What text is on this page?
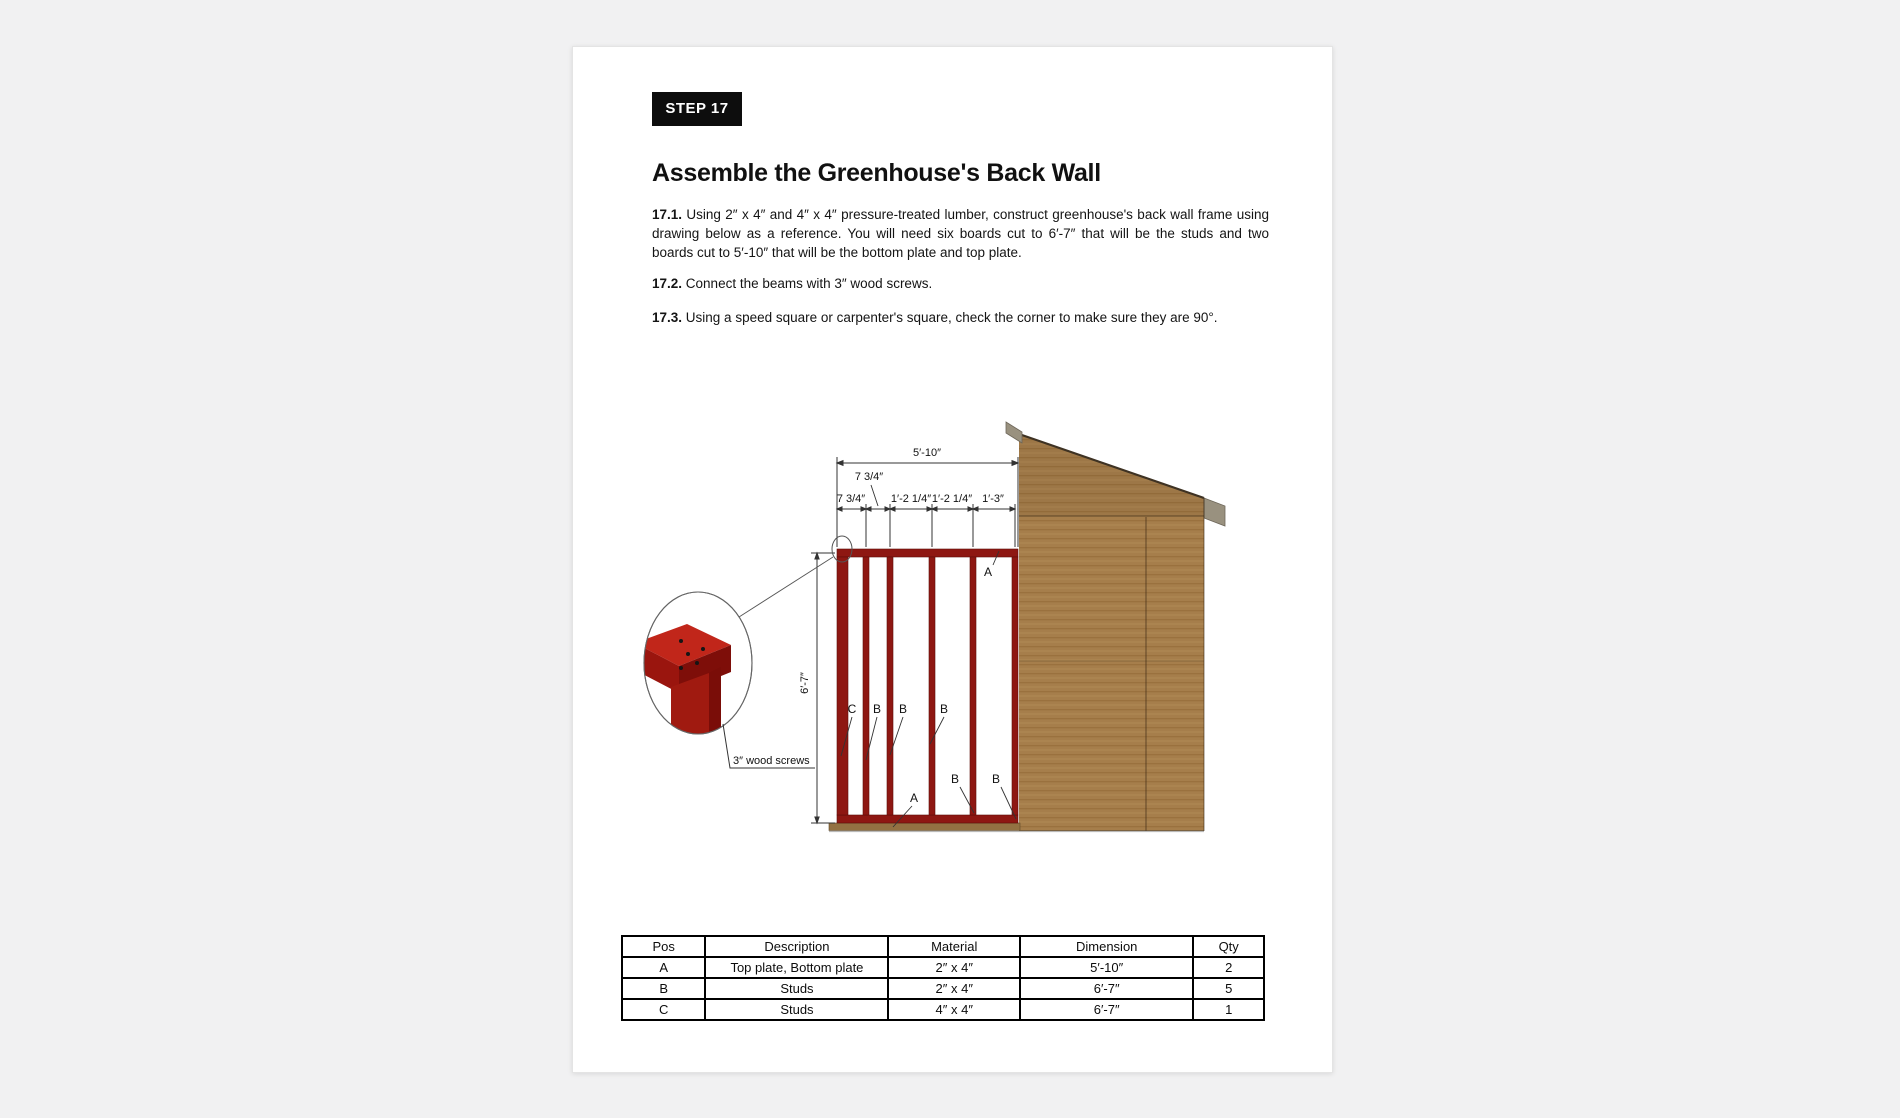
STEP 17
Assemble the Greenhouse's Back Wall

17.1. Using 2″ x 4″ and 4″ x 4″ pressure-treated lumber, construct greenhouse's back wall frame using drawing below as a reference. You will need six boards cut to 6′-7″ that will be the studs and two boards cut to 5′-10″ that will be the bottom plate and top plate.

17.2. Connect the beams with 3″ wood screws.

17.3. Using a speed square or carpenter's square, check the corner to make sure they are 90°.

5′-10″
7 3/4″
7 3/4″ 1′-2 1/4″ 1′-2 1/4″ 1′-3″
6′-7″
3″ wood screws
A
C B B	B
A
B	B
Pos	Description	Material	Dimension	Qty
A	Top plate, Bottom plate	2″ x 4″	5′-10″	2
B	Studs	2″ x 4″	6′-7″	5
C	Studs	4″ x 4″	6′-7″	1
